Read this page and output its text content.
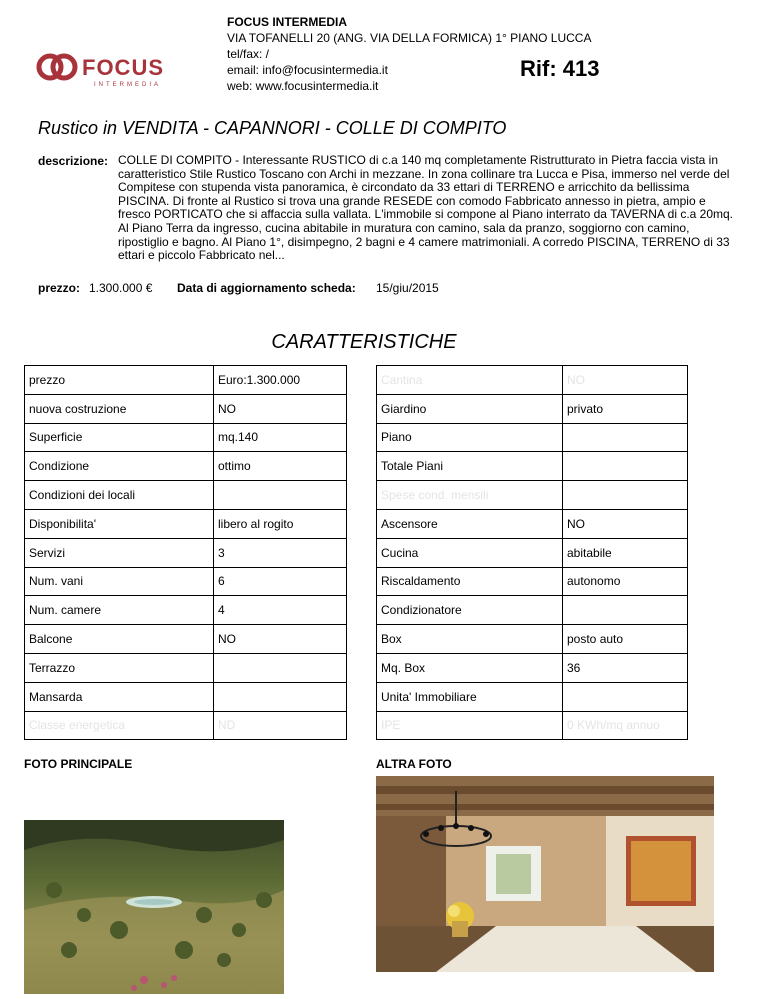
FOCUS
INTERMEDIA
FOCUS INTERMEDIA
VIA TOFANELLI 20 (ANG. VIA DELLA FORMICA) 1° PIANO LUCCA
tel/fax: /
email: info@focusintermedia.it
web: www.focusintermedia.it
Rif: 413
Rustico in VENDITA - CAPANNORI - COLLE DI COMPITO
descrizione: COLLE DI COMPITO - Interessante RUSTICO di c.a 140 mq completamente Ristrutturato in Pietra faccia vista in caratteristico Stile Rustico Toscano con Archi in mezzane. In zona collinare tra Lucca e Pisa, immerso nel verde del Compitese con stupenda vista panoramica, è circondato da 33 ettari di TERRENO e arricchito da bellissima PISCINA. Di fronte al Rustico si trova una grande RESEDE con comodo Fabbricato annesso in pietra, ampio e fresco PORTICATO che si affaccia sulla vallata. L'immobile si compone al Piano interrato da TAVERNA di c.a 20mq. Al Piano Terra da ingresso, cucina abitabile in muratura con camino, sala da pranzo, soggiorno con camino, ripostiglio e bagno. Al Piano 1°, disimpegno, 2 bagni e 4 camere matrimoniali. A corredo PISCINA, TERRENO di 33 ettari e piccolo Fabbricato nel...
prezzo: 1.300.000 € Data di aggiornamento scheda: 15/giu/2015
CARATTERISTICHE
prezzo	Euro:1.300.000
nuova costruzione	NO
Superficie	mq.140
Condizione	ottimo
Condizioni dei locali	
Disponibilita'	libero al rogito
Servizi	3
Num. vani	6
Num. camere	4
Balcone	NO
Terrazzo	
Mansarda	
Classe energetica	ND
Cantina	NO
Giardino	privato
Piano	
Totale Piani	
Spese cond. mensili	
Ascensore	NO
Cucina	abitabile
Riscaldamento	autonomo
Condizionatore	
Box	posto auto
Mq. Box	36
Unita' Immobiliare	
IPE	0 KWh/mq annuo
FOTO PRINCIPALE	ALTRA FOTO
